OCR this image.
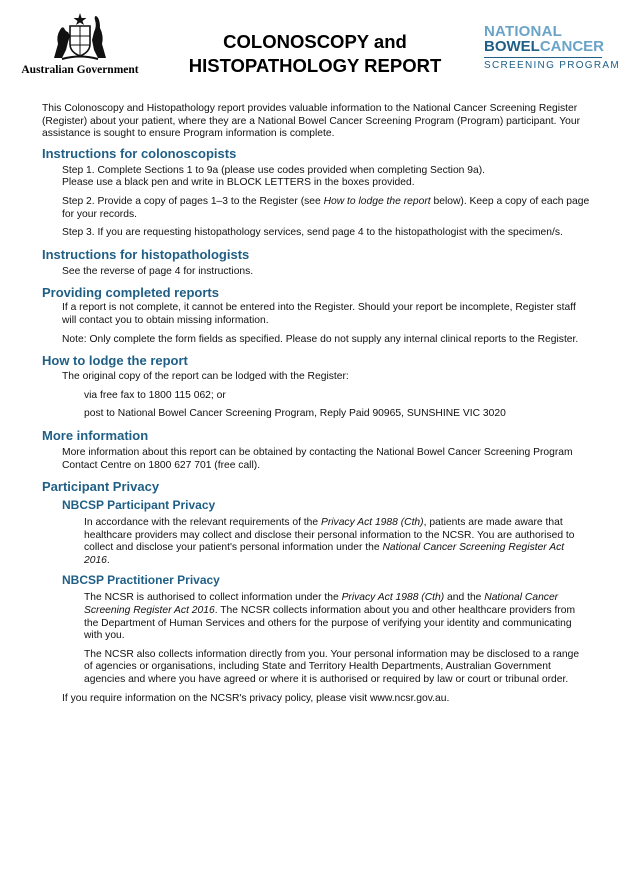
Australian Government
COLONOSCOPY and
HISTOPATHOLOGY REPORT
NATIONAL
BOWELCANCER
SCREENING PROGRAM

This Colonoscopy and Histopathology report provides valuable information to the National Cancer Screening Register (Register) about your patient, where they are a National Bowel Cancer Screening Program (Program) participant. Your assistance is sought to ensure Program information is complete.

Instructions for colonoscopists

Step 1. Complete Sections 1 to 9a (please use codes provided when completing Section 9a).
Please use a black pen and write in BLOCK LETTERS in the boxes provided.

Step 2. Provide a copy of pages 1–3 to the Register (see How to lodge the report below). Keep a copy of each page for your records.

Step 3. If you are requesting histopathology services, send page 4 to the histopathologist with the specimen/s.

Instructions for histopathologists

See the reverse of page 4 for instructions.

Providing completed reports

If a report is not complete, it cannot be entered into the Register. Should your report be incomplete, Register staff will contact you to obtain missing information.

Note: Only complete the form fields as specified. Please do not supply any internal clinical reports to the Register.

How to lodge the report

The original copy of the report can be lodged with the Register:

via free fax to 1800 115 062; or

post to National Bowel Cancer Screening Program, Reply Paid 90965, SUNSHINE VIC 3020

More information

More information about this report can be obtained by contacting the National Bowel Cancer Screening Program Contact Centre on 1800 627 701 (free call).

Participant Privacy
NBCSP Participant Privacy

In accordance with the relevant requirements of the Privacy Act 1988 (Cth), patients are made aware that healthcare providers may collect and disclose their personal information to the NCSR. You are authorised to collect and disclose your patient's personal information under the National Cancer Screening Register Act 2016.

NBCSP Practitioner Privacy

The NCSR is authorised to collect information under the Privacy Act 1988 (Cth) and the National Cancer Screening Register Act 2016. The NCSR collects information about you and other healthcare providers from the Department of Human Services and others for the purpose of verifying your identity and communicating with you.

The NCSR also collects information directly from you. Your personal information may be disclosed to a range of agencies or organisations, including State and Territory Health Departments, Australian Government agencies and where you have agreed or where it is authorised or required by law or court or tribunal order.

If you require information on the NCSR's privacy policy, please visit www.ncsr.gov.au.
